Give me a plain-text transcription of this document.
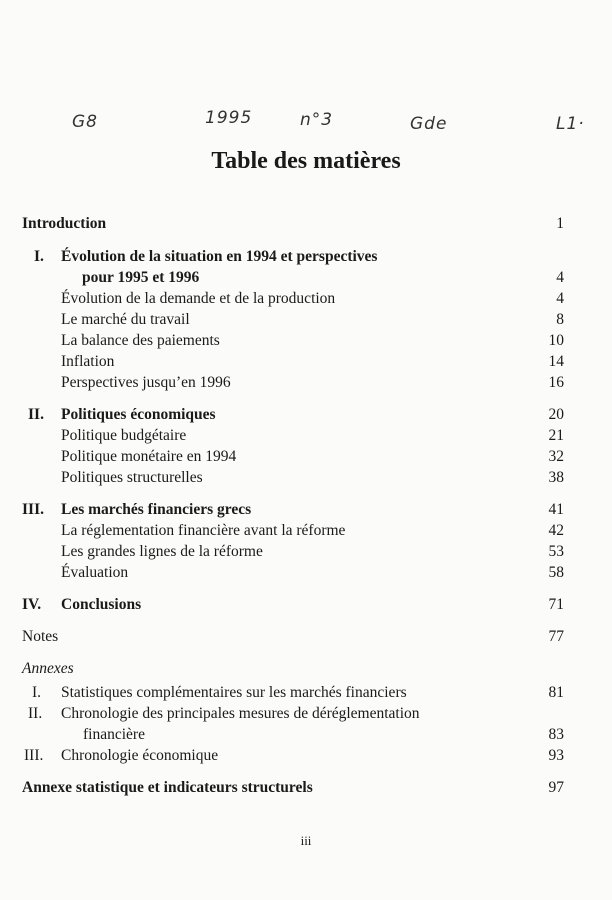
G8	1995	n°3	Gde	L1·
Table des matières
Introduction	1
I. Évolution de la situation en 1994 et perspectives
pour 1995 et 1996	4
Évolution de la demande et de la production	4
Le marché du travail	8
La balance des paiements	10
Inflation	14
Perspectives jusqu’en 1996	16
II. Politiques économiques	20
Politique budgétaire	21
Politique monétaire en 1994	32
Politiques structurelles	38
III. Les marchés financiers grecs	41
La réglementation financière avant la réforme	42
Les grandes lignes de la réforme	53
Évaluation	58
IV. Conclusions	71
Notes	77
Annexes
I. Statistiques complémentaires sur les marchés financiers	81
II. Chronologie des principales mesures de déréglementation
financière	83
III. Chronologie économique	93
Annexe statistique et indicateurs structurels	97
iii
